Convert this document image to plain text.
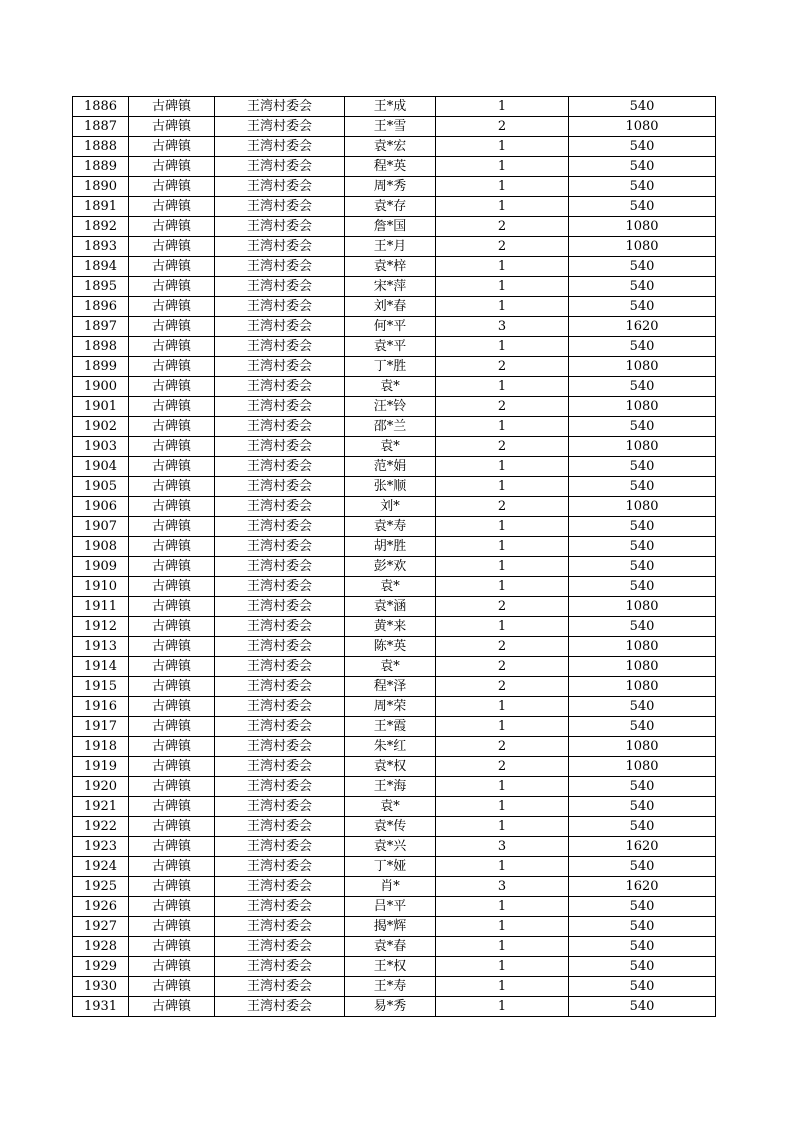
1886	古碑镇	王湾村委会	王*成	1	540
1887	古碑镇	王湾村委会	王*雪	2	1080
1888	古碑镇	王湾村委会	袁*宏	1	540
1889	古碑镇	王湾村委会	程*英	1	540
1890	古碑镇	王湾村委会	周*秀	1	540
1891	古碑镇	王湾村委会	袁*存	1	540
1892	古碑镇	王湾村委会	詹*国	2	1080
1893	古碑镇	王湾村委会	王*月	2	1080
1894	古碑镇	王湾村委会	袁*梓	1	540
1895	古碑镇	王湾村委会	宋*萍	1	540
1896	古碑镇	王湾村委会	刘*春	1	540
1897	古碑镇	王湾村委会	何*平	3	1620
1898	古碑镇	王湾村委会	袁*平	1	540
1899	古碑镇	王湾村委会	丁*胜	2	1080
1900	古碑镇	王湾村委会	袁*	1	540
1901	古碑镇	王湾村委会	汪*铃	2	1080
1902	古碑镇	王湾村委会	邵*兰	1	540
1903	古碑镇	王湾村委会	袁*	2	1080
1904	古碑镇	王湾村委会	范*娟	1	540
1905	古碑镇	王湾村委会	张*顺	1	540
1906	古碑镇	王湾村委会	刘*	2	1080
1907	古碑镇	王湾村委会	袁*寿	1	540
1908	古碑镇	王湾村委会	胡*胜	1	540
1909	古碑镇	王湾村委会	彭*欢	1	540
1910	古碑镇	王湾村委会	袁*	1	540
1911	古碑镇	王湾村委会	袁*涵	2	1080
1912	古碑镇	王湾村委会	黄*来	1	540
1913	古碑镇	王湾村委会	陈*英	2	1080
1914	古碑镇	王湾村委会	袁*	2	1080
1915	古碑镇	王湾村委会	程*泽	2	1080
1916	古碑镇	王湾村委会	周*荣	1	540
1917	古碑镇	王湾村委会	王*霞	1	540
1918	古碑镇	王湾村委会	朱*红	2	1080
1919	古碑镇	王湾村委会	袁*权	2	1080
1920	古碑镇	王湾村委会	王*海	1	540
1921	古碑镇	王湾村委会	袁*	1	540
1922	古碑镇	王湾村委会	袁*传	1	540
1923	古碑镇	王湾村委会	袁*兴	3	1620
1924	古碑镇	王湾村委会	丁*娅	1	540
1925	古碑镇	王湾村委会	肖*	3	1620
1926	古碑镇	王湾村委会	吕*平	1	540
1927	古碑镇	王湾村委会	揭*辉	1	540
1928	古碑镇	王湾村委会	袁*春	1	540
1929	古碑镇	王湾村委会	王*权	1	540
1930	古碑镇	王湾村委会	王*寿	1	540
1931	古碑镇	王湾村委会	易*秀	1	540
